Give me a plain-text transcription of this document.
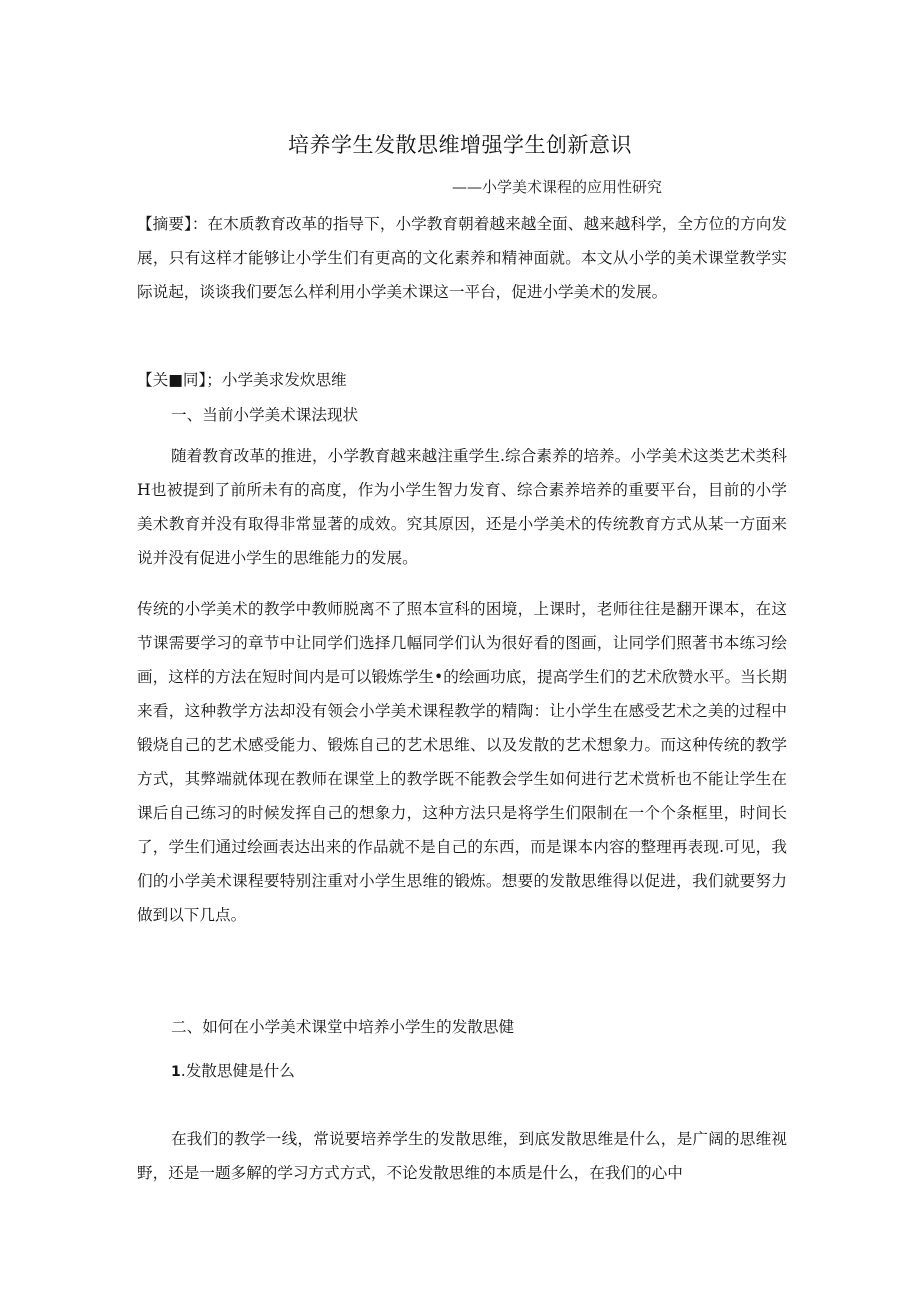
培养学生发散思维增强学生创新意识
——小学美术课程的应用性研究

【摘要】：在木质教育改革的指导下，小学教育朝着越来越全面、越来越科学，全方位的方向发展，只有这样才能够让小学生们有更高的文化素养和精神面就。本文从小学的美术课堂教学实际说起，谈谈我们要怎么样利用小学美术课这一平台，促进小学美术的发展。

【关■同】；小学美求发炊思维
一、当前小学美术课法现状

随着教育改革的推进，小学教育越来越注重学生.综合素养的培养。小学美术这类艺术类科H也被提到了前所未有的高度，作为小学生智力发育、综合素养培养的重要平台，目前的小学美术教育并没有取得非常显著的成效。究其原因，还是小学美术的传统教育方式从某一方面来说并没有促进小学生的思维能力的发展。

传统的小学美术的教学中教师脱离不了照本宣科的困境，上课时，老师往往是翻开课本，在这节课需要学习的章节中让同学们选择几幅同学们认为很好看的图画，让同学们照著书本练习绘画，这样的方法在短时间内是可以锻炼学生•的绘画功底，提高学生们的艺术欣赞水平。当长期来看，这种教学方法却没有领会小学美术课程教学的精陶：让小学生在感受艺术之美的过程中锻烧自己的艺术感受能力、锻炼自己的艺术思维、以及发散的艺术想象力。而这种传统的教学方式，其弊端就体现在教师在课堂上的教学既不能教会学生如何进行艺术赏析也不能让学生在课后自己练习的时候发挥自己的想象力，这种方法只是将学生们限制在一个个条框里，时间长了，学生们通过绘画表达出来的作品就不是自己的东西，而是课本内容的整理再表现.可见，我们的小学美术课程要特别注重对小学生思维的锻炼。想要的发散思维得以促进，我们就要努力做到以下几点。

二、如何在小学美术课堂中培养小学生的发散思健
1.发散思健是什么

在我们的教学一线，常说要培养学生的发散思维，到底发散思维是什么，是广阔的思维视野，还是一题多解的学习方式方式，不论发散思维的本质是什么，在我们的心中
